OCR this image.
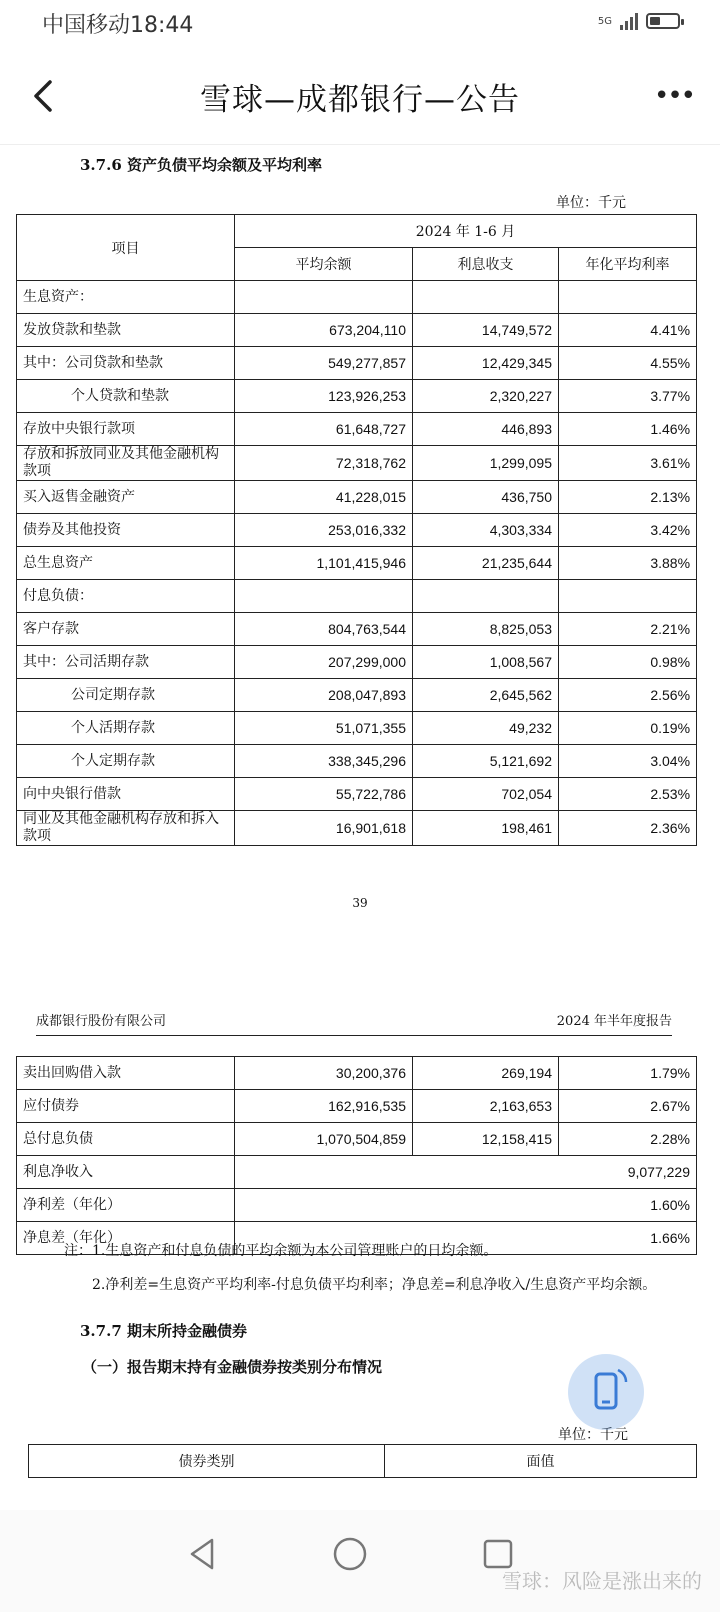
中国移动18:44	5G
雪球—成都银行—公告	•••
3.7.6 资产负债平均余额及平均利率
单位：千元
项目	2024 年 1-6 月		
	平均余额	利息收支	年化平均利率
生息资产：			
发放贷款和垫款	673,204,110	14,749,572	4.41%
其中：公司贷款和垫款	549,277,857	12,429,345	4.55%
个人贷款和垫款	123,926,253	2,320,227	3.77%
存放中央银行款项	61,648,727	446,893	1.46%
存放和拆放同业及其他金融机构款项	72,318,762	1,299,095	3.61%
买入返售金融资产	41,228,015	436,750	2.13%
债券及其他投资	253,016,332	4,303,334	3.42%
总生息资产	1,101,415,946	21,235,644	3.88%
付息负债：			
客户存款	804,763,544	8,825,053	2.21%
其中：公司活期存款	207,299,000	1,008,567	0.98%
公司定期存款	208,047,893	2,645,562	2.56%
个人活期存款	51,071,355	49,232	0.19%
个人定期存款	338,345,296	5,121,692	3.04%
向中央银行借款	55,722,786	702,054	2.53%
同业及其他金融机构存放和拆入款项	16,901,618	198,461	2.36%
39
成都银行股份有限公司	2024 年半年度报告
卖出回购借入款	30,200,376	269,194	1.79%
应付债券	162,916,535	2,163,653	2.67%
总付息负债	1,070,504,859	12,158,415	2.28%
利息净收入	9,077,229		
净利差（年化）	1.60%		
净息差（年化）	1.66%		
注：1.生息资产和付息负债的平均余额为本公司管理账户的日均余额。
2.净利差=生息资产平均利率-付息负债平均利率；净息差=利息净收入/生息资产平均余额。
3.7.7 期末所持金融债券
（一）报告期末持有金融债券按类别分布情况
单位：千元
债券类别	面值
雪球：风险是涨出来的
